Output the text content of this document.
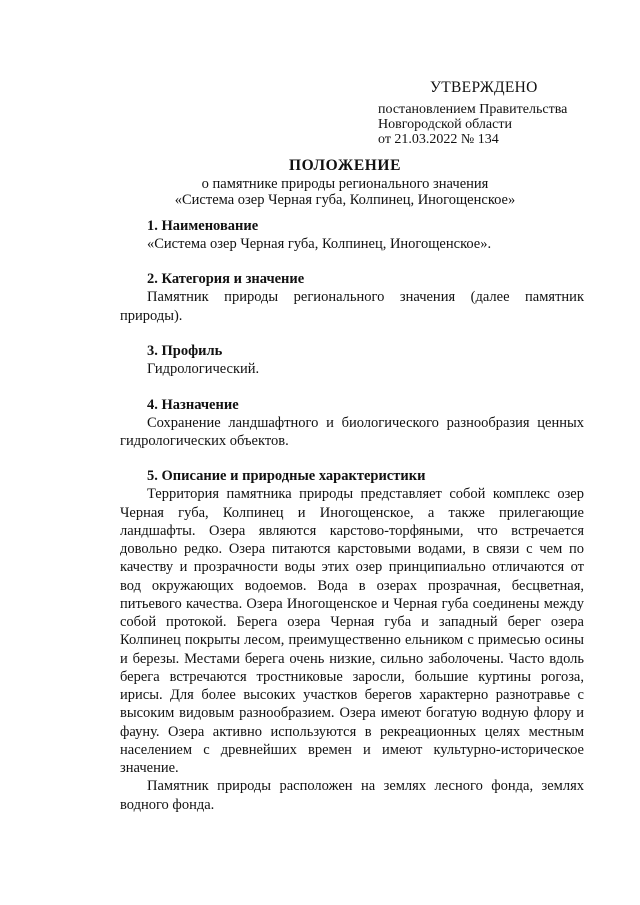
УТВЕРЖДЕНО
постановлением Правительства
Новгородской области
от 21.03.2022 № 134
ПОЛОЖЕНИЕ
о памятнике природы регионального значения
«Система озер Черная губа, Колпинец, Иногощенское»
1. Наименование

«Система озер Черная губа, Колпинец, Иногощенское».

2. Категория и значение

Памятник природы регионального значения (далее памятник природы).

3. Профиль

Гидрологический.

4. Назначение

Сохранение ландшафтного и биологического разнообразия ценных гидрологических объектов.

5. Описание и природные характеристики

Территория памятника природы представляет собой комплекс озер Черная губа, Колпинец и Иногощенское, а также прилегающие ландшафты. Озера являются карстово-торфяными, что встречается довольно редко. Озера питаются карстовыми водами, в связи с чем по качеству и прозрачности воды этих озер принципиально отличаются от вод окружающих водоемов. Вода в озерах прозрачная, бесцветная, питьевого качества. Озера Иногощенское и Черная губа соединены между собой протокой. Берега озера Черная губа и западный берег озера Колпинец покрыты лесом, преимущественно ельником с примесью осины и березы. Местами берега очень низкие, сильно заболочены. Часто вдоль берега встречаются тростниковые заросли, большие куртины рогоза, ирисы. Для более высоких участков берегов характерно разнотравье с высоким видовым разнообразием. Озера имеют богатую водную флору и фауну. Озера активно используются в рекреационных целях местным населением с древнейших времен и имеют культурно-историческое значение.

Памятник природы расположен на землях лесного фонда, землях водного фонда.
